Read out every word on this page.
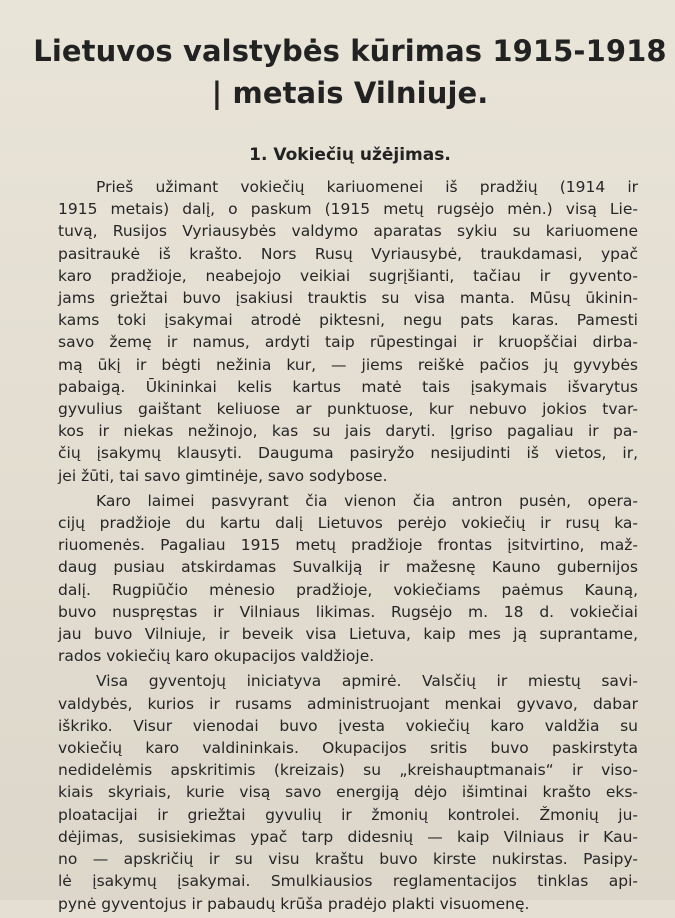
Lietuvos valstybės kūrimas 1915-1918
| metais Vilniuje.
1. Vokiečių užėjimas.
Prieš užimant vokiečių kariuomenei iš pradžių (1914 ir
1915 metais) dalį, o paskum (1915 metų rugsėjo mėn.) visą Lie-
tuvą, Rusijos Vyriausybės valdymo aparatas sykiu su kariuomene
pasitraukė iš krašto. Nors Rusų Vyriausybė, traukdamasi, ypač
karo pradžioje, neabejojo veikiai sugrįšianti, tačiau ir gyvento-
jams griežtai buvo įsakiusi trauktis su visa manta. Mūsų ūkinin-
kams toki įsakymai atrodė piktesni, negu pats karas. Pamesti
savo žemę ir namus, ardyti taip rūpestingai ir kruopščiai dirba-
mą ūkį ir bėgti nežinia kur, — jiems reiškė pačios jų gyvybės
pabaigą. Ūkininkai kelis kartus matė tais įsakymais išvarytus
gyvulius gaištant keliuose ar punktuose, kur nebuvo jokios tvar-
kos ir niekas nežinojo, kas su jais daryti. Įgriso pagaliau ir pa-
čių įsakymų klausyti. Dauguma pasiryžo nesijudinti iš vietos, ir,
jei žūti, tai savo gimtinėje, savo sodybose.
Karo laimei pasvyrant čia vienon čia antron pusėn, opera-
cijų pradžioje du kartu dalį Lietuvos perėjo vokiečių ir rusų ka-
riuomenės. Pagaliau 1915 metų pradžioje frontas įsitvirtino, maž-
daug pusiau atskirdamas Suvalkiją ir mažesnę Kauno gubernijos
dalį. Rugpiūčio mėnesio pradžioje, vokiečiams paėmus Kauną,
buvo nuspręstas ir Vilniaus likimas. Rugsėjo m. 18 d. vokiečiai
jau buvo Vilniuje, ir beveik visa Lietuva, kaip mes ją suprantame,
rados vokiečių karo okupacijos valdžioje.
Visa gyventojų iniciatyva apmirė. Valsčių ir miestų savi-
valdybės, kurios ir rusams administruojant menkai gyvavo, dabar
iškriko. Visur vienodai buvo įvesta vokiečių karo valdžia su
vokiečių karo valdininkais. Okupacijos sritis buvo paskirstyta
nedidelėmis apskritimis (kreizais) su „kreishauptmanais“ ir viso-
kiais skyriais, kurie visą savo energiją dėjo išimtinai krašto eks-
ploatacijai ir griežtai gyvulių ir žmonių kontrolei. Žmonių ju-
dėjimas, susisiekimas ypač tarp didesnių — kaip Vilniaus ir Kau-
no — apskričių ir su visu kraštu buvo kirste nukirstas. Pasipy-
lė įsakymų įsakymai. Smulkiausios reglamentacijos tinklas api-
pynė gyventojus ir pabaudų krūša pradėjo plakti visuomenę.
